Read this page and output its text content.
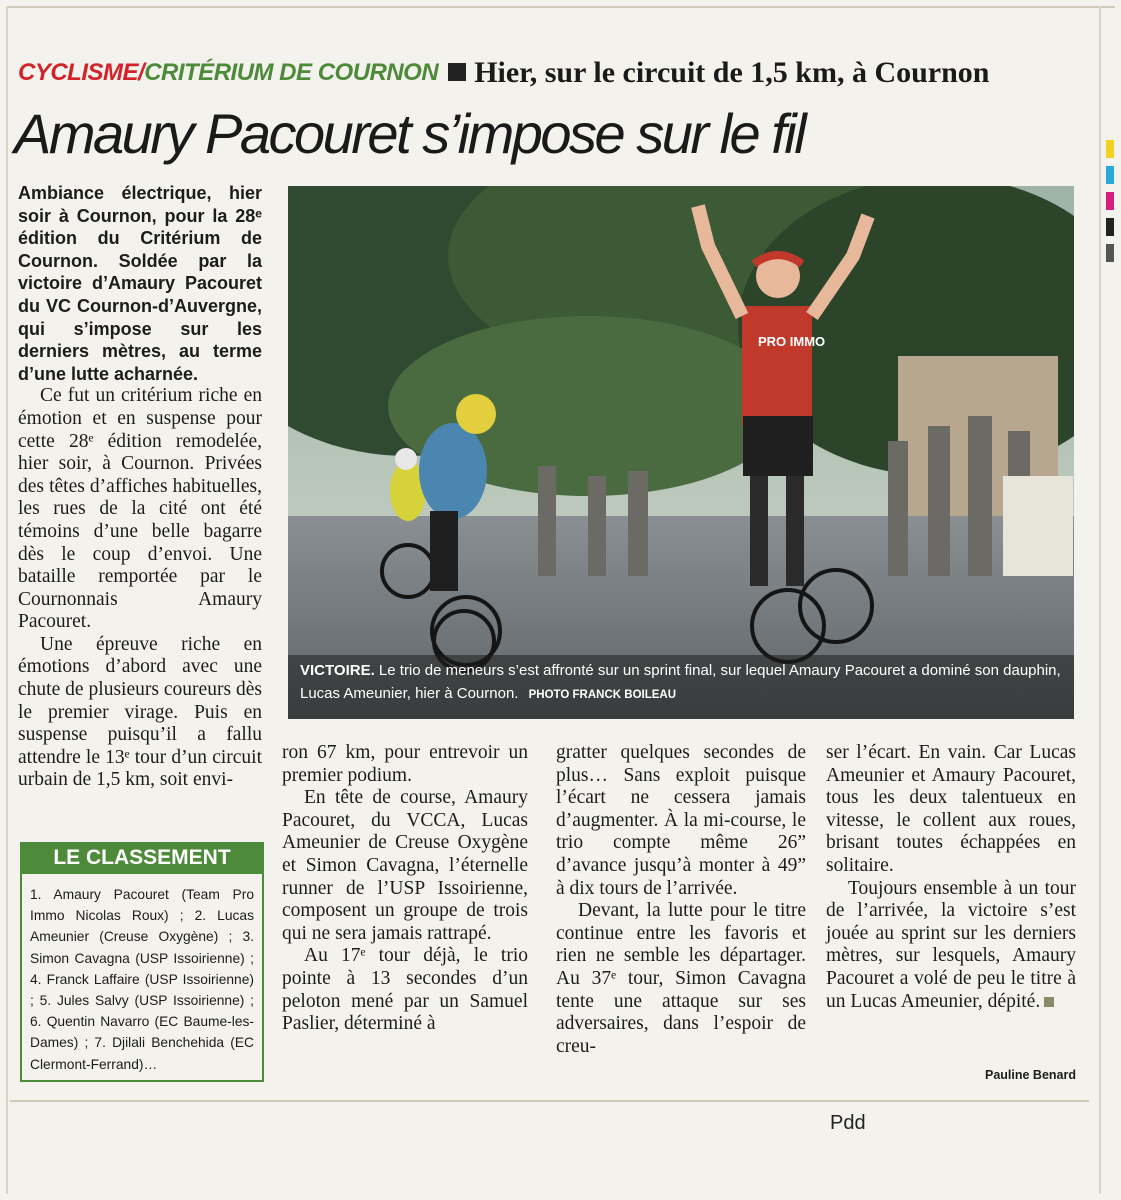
CYCLISME/CRITÉRIUM DE COURNON Hier, sur le circuit de 1,5 km, à Cournon
Amaury Pacouret s’impose sur le fil

Ambiance électrique, hier soir à Cournon, pour la 28ᵉ édition du Critérium de Cournon. Soldée par la victoire d’Amaury Pacouret du VC Cournon-d’Auvergne, qui s’impose sur les derniers mètres, au terme d’une lutte acharnée.

Ce fut un critérium riche en émotion et en suspense pour cette 28ᵉ édition remodelée, hier soir, à Cournon. Privées des têtes d’affiches habituelles, les rues de la cité ont été témoins d’une belle bagarre dès le coup d’envoi. Une bataille remportée par le Cournonnais Amaury Pacouret.

Une épreuve riche en émotions d’abord avec une chute de plusieurs coureurs dès le premier virage. Puis en suspense puisqu’il a fallu attendre le 13ᵉ tour d’un circuit urbain de 1,5 km, soit envi-

PRO IMMO
VICTOIRE. Le trio de meneurs s’est affronté sur un sprint final, sur lequel Amaury Pacouret a dominé son dauphin, Lucas Ameunier, hier à Cournon. PHOTO FRANCK BOILEAU

ron 67 km, pour entrevoir un premier podium.

En tête de course, Amaury Pacouret, du VCCA, Lucas Ameunier de Creuse Oxygène et Simon Cavagna, l’éternelle runner de l’USP Issoirienne, composent un groupe de trois qui ne sera jamais rattrapé.

Au 17ᵉ tour déjà, le trio pointe à 13 secondes d’un peloton mené par un Samuel Paslier, déterminé à

gratter quelques secondes de plus… Sans exploit puisque l’écart ne cessera jamais d’augmenter. À la mi-course, le trio compte même 26” d’avance jusqu’à monter à 49” à dix tours de l’arrivée.

Devant, la lutte pour le titre continue entre les favoris et rien ne semble les départager. Au 37ᵉ tour, Simon Cavagna tente une attaque sur ses adversaires, dans l’espoir de creu-

ser l’écart. En vain. Car Lucas Ameunier et Amaury Pacouret, tous les deux talentueux en vitesse, le collent aux roues, brisant toutes échappées en solitaire.

Toujours ensemble à un tour de l’arrivée, la victoire s’est jouée au sprint sur les derniers mètres, sur lesquels, Amaury Pacouret a volé de peu le titre à un Lucas Ameunier, dépité.

Pauline Benard
LE CLASSEMENT
1. Amaury Pacouret (Team Pro Immo Nicolas Roux) ; 2. Lucas Ameunier (Creuse Oxygène) ; 3. Simon Cavagna (USP Issoirienne) ; 4. Franck Laffaire (USP Issoirienne) ; 5. Jules Salvy (USP Issoirienne) ; 6. Quentin Navarro (EC Baume-les-Dames) ; 7. Djilali Benchehida (EC Clermont-Ferrand)…
Pdd
